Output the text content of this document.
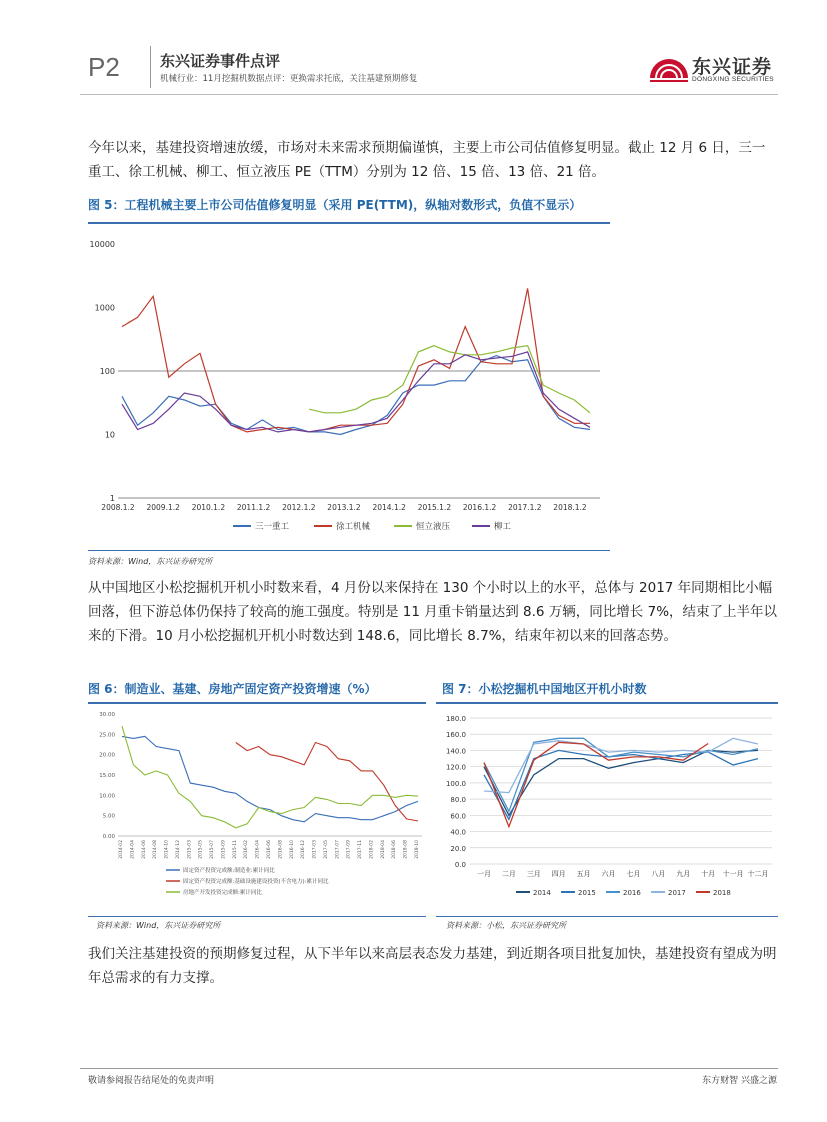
P2	东兴证券事件点评
机械行业：11月挖掘机数据点评：更换需求托底，关注基建预期修复
东兴证券
DONGXING SECURITIES

今年以来，基建投资增速放缓，市场对未来需求预期偏谨慎，主要上市公司估值修复明显。截止 12 月 6 日，三一重工、徐工机械、柳工、恒立液压 PE（TTM）分别为 12 倍、15 倍、13 倍、21 倍。

图 5：工程机械主要上市公司估值修复明显（采用 PE(TTM)，纵轴对数形式，负值不显示）

1
10
100
1000
10000
2008.1.2 2009.1.2 2010.1.2 2011.1.2 2012.1.2 2013.1.2 2014.1.2 2015.1.2 2016.1.2 2017.1.2 2018.1.2
三一重工	徐工机械	恒立液压	柳工
资料来源：Wind，东兴证券研究所

从中国地区小松挖掘机开机小时数来看，4 月份以来保持在 130 个小时以上的水平，总体与 2017 年同期相比小幅回落，但下游总体仍保持了较高的施工强度。特别是 11 月重卡销量达到 8.6 万辆，同比增长 7%，结束了上半年以来的下滑。10 月小松挖掘机开机小时数达到 148.6，同比增长 8.7%，结束年初以来的回落态势。

图 6：制造业、基建、房地产固定资产投资增速（%）

0.00
5.00
10.00
15.00
20.00
25.00
30.00
2014-02 2014-04 2014-06 2014-08 2014-10 2014-12 2015-03 2015-05 2015-07 2015-09 2015-11 2016-02 2016-04 2016-06 2016-08 2016-10 2016-12 2017-03 2017-05 2017-07 2017-09 2017-11 2018-02 2018-04 2018-06 2018-08 2018-10
固定资产投资完成额:制造业:累计同比
固定资产投资完成额:基础设施建设投资(不含电力):累计同比
房地产开发投资完成额:累计同比
资料来源：Wind，东兴证券研究所

图 7：小松挖掘机中国地区开机小时数

0.0
20.0
40.0
60.0
80.0
100.0
120.0
140.0
160.0
180.0
一月 二月 三月 四月 五月 六月 七月 八月 九月 十月 十一月 十二月
2014	2015	2016	2017	2018
资料来源：小松，东兴证券研究所

我们关注基建投资的预期修复过程，从下半年以来高层表态发力基建，到近期各项目批复加快，基建投资有望成为明年总需求的有力支撑。

敬请参阅报告结尾处的免责声明	东方财智 兴盛之源
